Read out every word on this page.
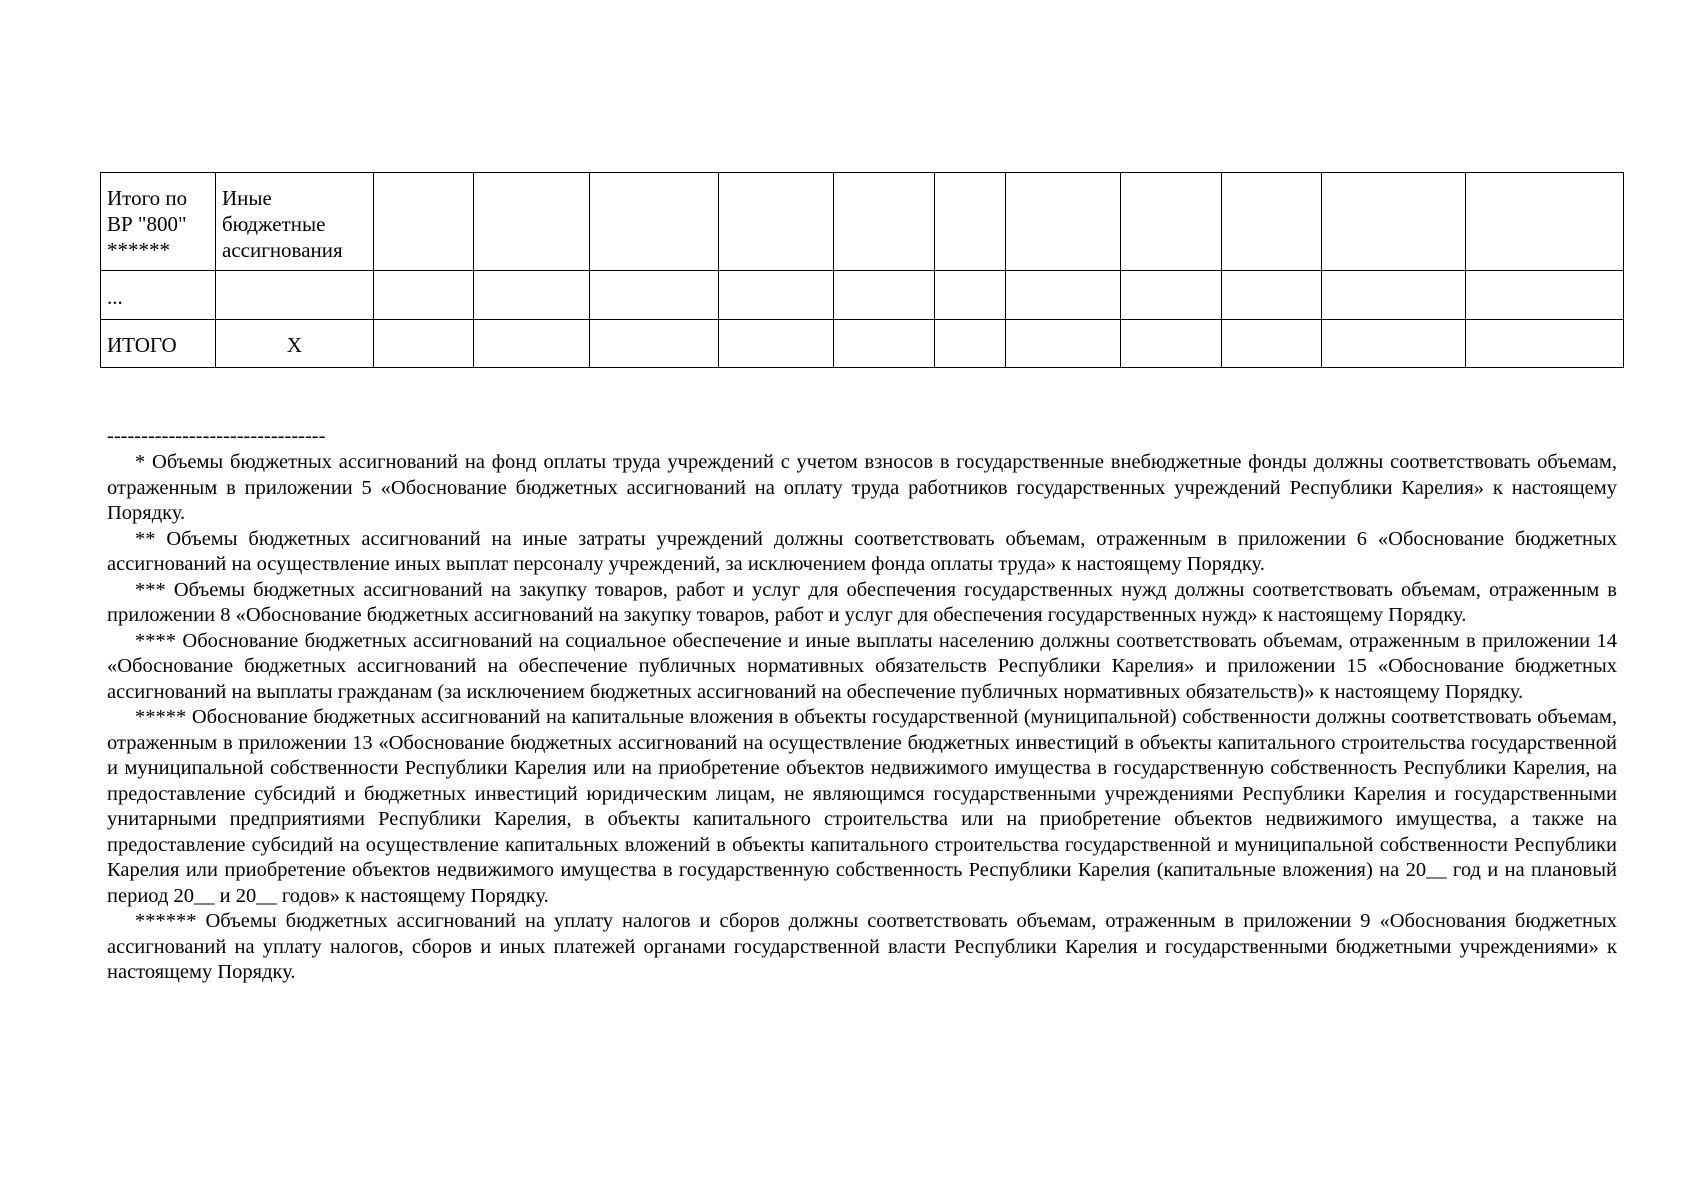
Итого по ВР "800" ******	Иные бюджетные ассигнования											
...												
ИТОГО	Х											
--------------------------------

* Объемы бюджетных ассигнований на фонд оплаты труда учреждений с учетом взносов в государственные внебюджетные фонды должны соответствовать объемам, отраженным в приложении 5 «Обоснование бюджетных ассигнований на оплату труда работников государственных учреждений Республики Карелия» к настоящему Порядку.

** Объемы бюджетных ассигнований на иные затраты учреждений должны соответствовать объемам, отраженным в приложении 6 «Обоснование бюджетных ассигнований на осуществление иных выплат персоналу учреждений, за исключением фонда оплаты труда» к настоящему Порядку.

*** Объемы бюджетных ассигнований на закупку товаров, работ и услуг для обеспечения государственных нужд должны соответствовать объемам, отраженным в приложении 8 «Обоснование бюджетных ассигнований на закупку товаров, работ и услуг для обеспечения государственных нужд» к настоящему Порядку.

**** Обоснование бюджетных ассигнований на социальное обеспечение и иные выплаты населению должны соответствовать объемам, отраженным в приложении 14 «Обоснование бюджетных ассигнований на обеспечение публичных нормативных обязательств Республики Карелия» и приложении 15 «Обоснование бюджетных ассигнований на выплаты гражданам (за исключением бюджетных ассигнований на обеспечение публичных нормативных обязательств)» к настоящему Порядку.

***** Обоснование бюджетных ассигнований на капитальные вложения в объекты государственной (муниципальной) собственности должны соответствовать объемам, отраженным в приложении 13 «Обоснование бюджетных ассигнований на осуществление бюджетных инвестиций в объекты капитального строительства государственной и муниципальной собственности Республики Карелия или на приобретение объектов недвижимого имущества в государственную собственность Республики Карелия, на предоставление субсидий и бюджетных инвестиций юридическим лицам, не являющимся государственными учреждениями Республики Карелия и государственными унитарными предприятиями Республики Карелия, в объекты капитального строительства или на приобретение объектов недвижимого имущества, а также на предоставление субсидий на осуществление капитальных вложений в объекты капитального строительства государственной и муниципальной собственности Республики Карелия или приобретение объектов недвижимого имущества в государственную собственность Республики Карелия (капитальные вложения) на 20__ год и на плановый период 20__ и 20__ годов» к настоящему Порядку.

****** Объемы бюджетных ассигнований на уплату налогов и сборов должны соответствовать объемам, отраженным в приложении 9 «Обоснования бюджетных ассигнований на уплату налогов, сборов и иных платежей органами государственной власти Республики Карелия и государственными бюджетными учреждениями» к настоящему Порядку.
